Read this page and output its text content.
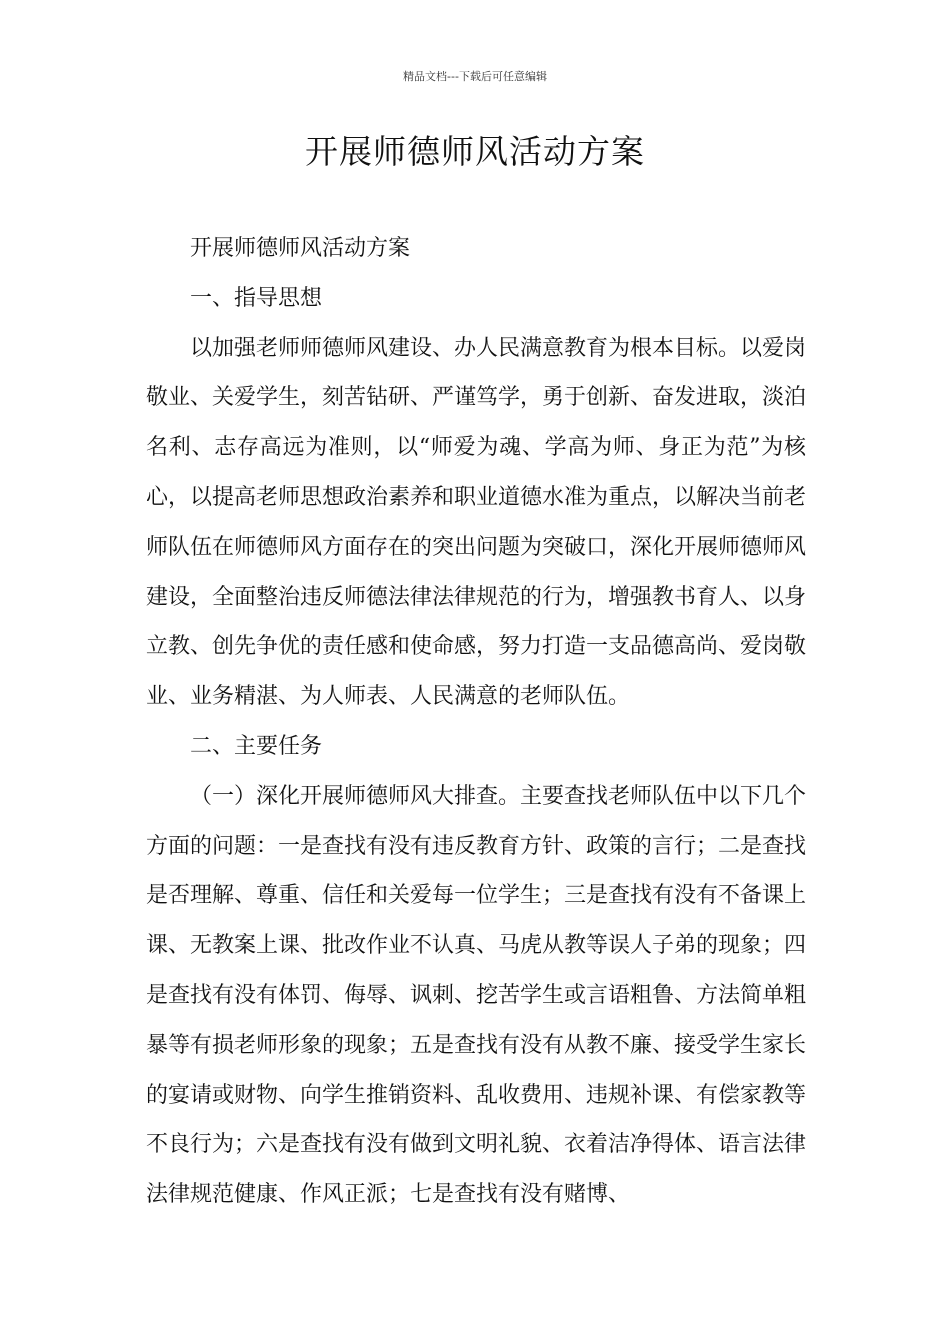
精品文档---下载后可任意编辑
开展师德师风活动方案

开展师德师风活动方案

一、指导思想

以加强老师师德师风建设、办人民满意教育为根本目标。以爱岗敬业、关爱学生，刻苦钻研、严谨笃学，勇于创新、奋发进取，淡泊名利、志存高远为准则，以“师爱为魂、学高为师、身正为范”为核心，以提高老师思想政治素养和职业道德水准为重点，以解决当前老师队伍在师德师风方面存在的突出问题为突破口，深化开展师德师风建设，全面整治违反师德法律法律规范的行为，增强教书育人、以身立教、创先争优的责任感和使命感，努力打造一支品德高尚、爱岗敬业、业务精湛、为人师表、人民满意的老师队伍。

二、主要任务

（一）深化开展师德师风大排查。主要查找老师队伍中以下几个方面的问题：一是查找有没有违反教育方针、政策的言行；二是查找是否理解、尊重、信任和关爱每一位学生；三是查找有没有不备课上课、无教案上课、批改作业不认真、马虎从教等误人子弟的现象；四是查找有没有体罚、侮辱、讽刺、挖苦学生或言语粗鲁、方法简单粗暴等有损老师形象的现象；五是查找有没有从教不廉、接受学生家长的宴请或财物、向学生推销资料、乱收费用、违规补课、有偿家教等不良行为；六是查找有没有做到文明礼貌、衣着洁净得体、语言法律法律规范健康、作风正派；七是查找有没有赌博、
